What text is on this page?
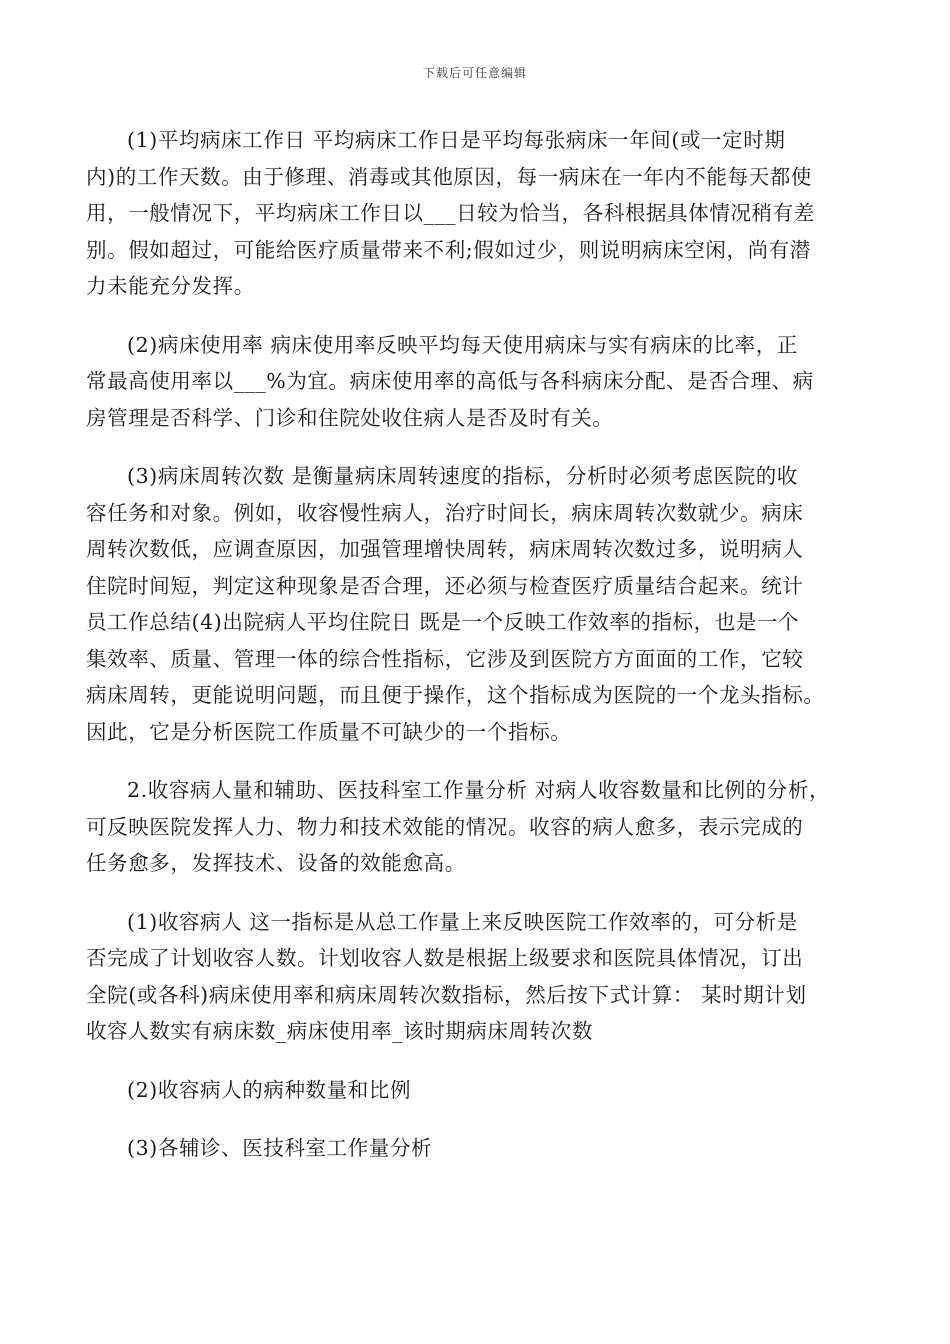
下载后可任意编辑
(1)平均病床工作日 平均病床工作日是平均每张病床一年间(或一定时期
内)的工作天数。由于修理、消毒或其他原因，每一病床在一年内不能每天都使
用，一般情况下，平均病床工作日以___日较为恰当，各科根据具体情况稍有差
别。假如超过，可能给医疗质量带来不利;假如过少，则说明病床空闲，尚有潜
力未能充分发挥。
(2)病床使用率 病床使用率反映平均每天使用病床与实有病床的比率，正
常最高使用率以___%为宜。病床使用率的高低与各科病床分配、是否合理、病
房管理是否科学、门诊和住院处收住病人是否及时有关。
(3)病床周转次数 是衡量病床周转速度的指标，分析时必须考虑医院的收
容任务和对象。例如，收容慢性病人，治疗时间长，病床周转次数就少。病床
周转次数低，应调查原因，加强管理增快周转，病床周转次数过多，说明病人
住院时间短，判定这种现象是否合理，还必须与检查医疗质量结合起来。统计
员工作总结(4)出院病人平均住院日 既是一个反映工作效率的指标，也是一个
集效率、质量、管理一体的综合性指标，它涉及到医院方方面面的工作，它较
病床周转，更能说明问题，而且便于操作，这个指标成为医院的一个龙头指标。
因此，它是分析医院工作质量不可缺少的一个指标。
2.收容病人量和辅助、医技科室工作量分析 对病人收容数量和比例的分析，
可反映医院发挥人力、物力和技术效能的情况。收容的病人愈多，表示完成的
任务愈多，发挥技术、设备的效能愈高。
(1)收容病人 这一指标是从总工作量上来反映医院工作效率的，可分析是
否完成了计划收容人数。计划收容人数是根据上级要求和医院具体情况，订出
全院(或各科)病床使用率和病床周转次数指标，然后按下式计算： 某时期计划
收容人数实有病床数_病床使用率_该时期病床周转次数
(2)收容病人的病种数量和比例
(3)各辅诊、医技科室工作量分析
